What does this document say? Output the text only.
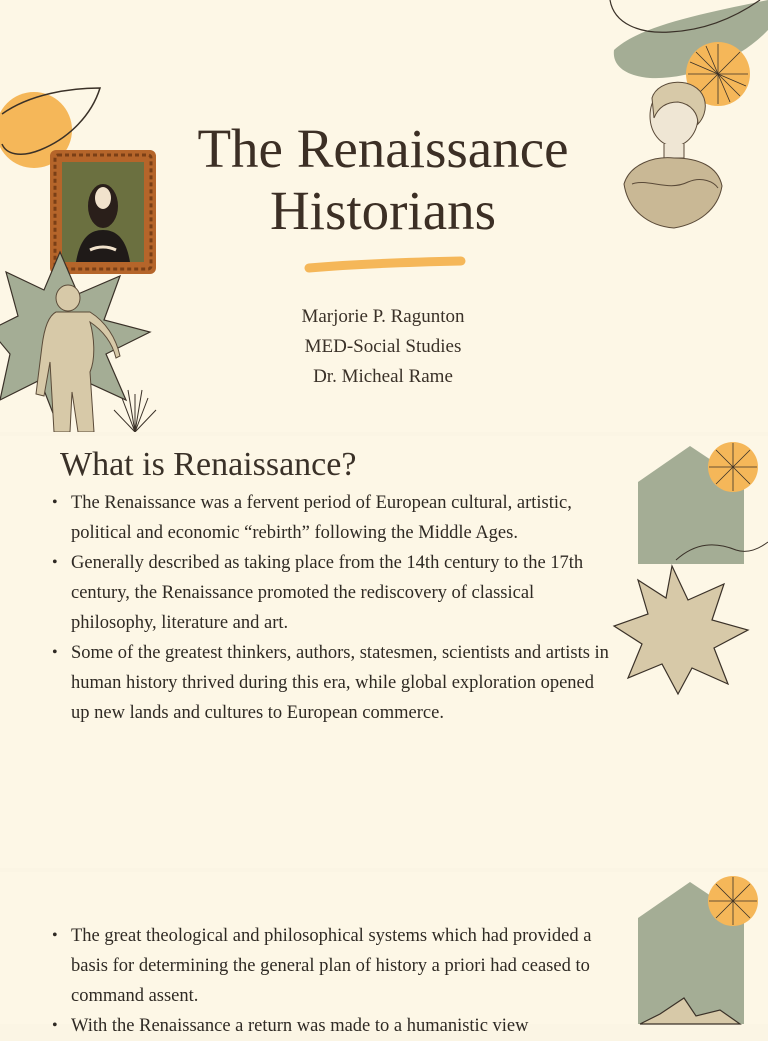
The Renaissance
Historians
Marjorie P. Ragunton
MED-Social Studies
Dr. Micheal Rame
What is Renaissance?
• The Renaissance was a fervent period of European cultural, artistic, political and economic “rebirth” following the Middle Ages.
• Generally described as taking place from the 14th century to the 17th century, the Renaissance promoted the rediscovery of classical philosophy, literature and art.
• Some of the greatest thinkers, authors, statesmen, scientists and artists in human history thrived during this era, while global exploration opened up new lands and cultures to European commerce.
• The great theological and philosophical systems which had provided a basis for determining the general plan of history a priori had ceased to command assent.
• With the Renaissance a return was made to a humanistic view
